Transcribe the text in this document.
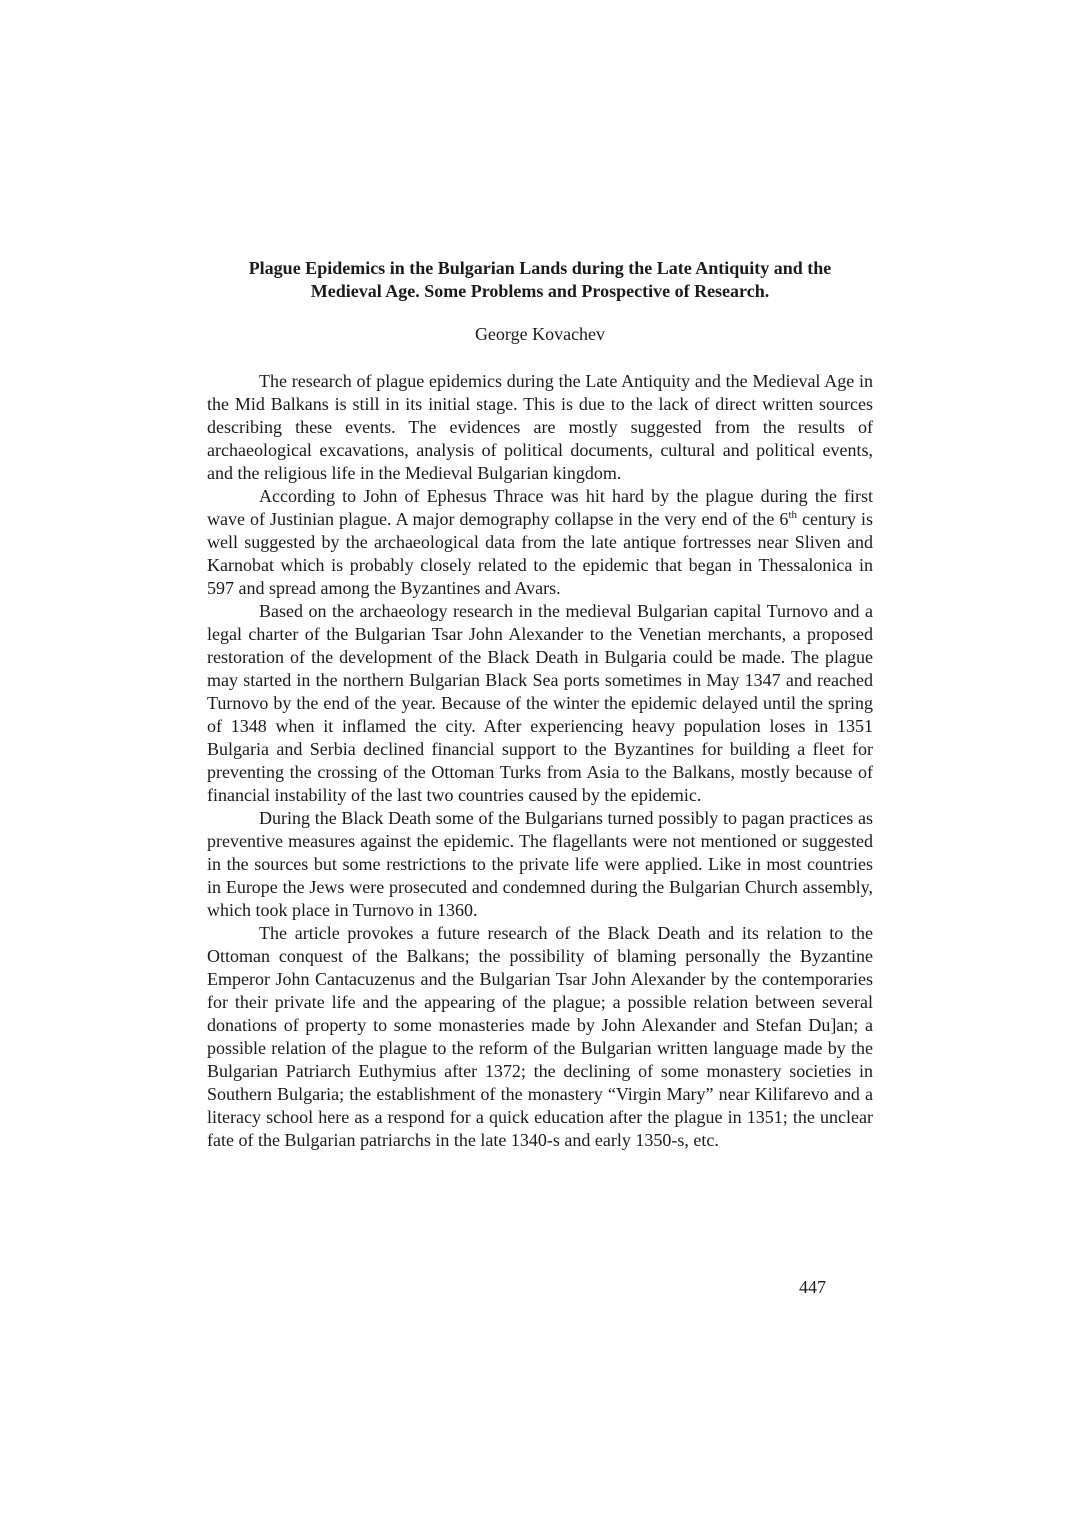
Plague Epidemics in the Bulgarian Lands during the Late Antiquity and the
Medieval Age. Some Problems and Prospective of Research.
George Kovachev

The research of plague epidemics during the Late Antiquity and the Medieval Age in the Mid Balkans is still in its initial stage. This is due to the lack of direct written sources describing these events. The evidences are mostly suggested from the results of archaeological excavations, analysis of political documents, cultural and political events, and the religious life in the Medieval Bulgarian kingdom.

According to John of Ephesus Thrace was hit hard by the plague during the first wave of Justinian plague. A major demography collapse in the very end of the 6th century is well suggested by the archaeological data from the late antique fortresses near Sliven and Karnobat which is probably closely related to the epidemic that began in Thessalonica in 597 and spread among the Byzantines and Avars.

Based on the archaeology research in the medieval Bulgarian capital Turnovo and a legal charter of the Bulgarian Tsar John Alexander to the Venetian merchants, a proposed restoration of the development of the Black Death in Bulgaria could be made. The plague may started in the northern Bulgarian Black Sea ports sometimes in May 1347 and reached Turnovo by the end of the year. Because of the winter the epidemic delayed until the spring of 1348 when it inflamed the city. After experiencing heavy population loses in 1351 Bulgaria and Serbia declined financial support to the Byzantines for building a fleet for preventing the crossing of the Ottoman Turks from Asia to the Balkans, mostly because of financial instability of the last two countries caused by the epidemic.

During the Black Death some of the Bulgarians turned possibly to pagan practices as preventive measures against the epidemic. The flagellants were not mentioned or suggested in the sources but some restrictions to the private life were applied. Like in most countries in Europe the Jews were prosecuted and condemned during the Bulgarian Church assembly, which took place in Turnovo in 1360.

The article provokes a future research of the Black Death and its relation to the Ottoman conquest of the Balkans; the possibility of blaming personally the Byzantine Emperor John Cantacuzenus and the Bulgarian Tsar John Alexander by the contemporaries for their private life and the appearing of the plague; a possible relation between several donations of property to some monasteries made by John Alexander and Stefan Du]an; a possible relation of the plague to the reform of the Bulgarian written language made by the Bulgarian Patriarch Euthymius after 1372; the declining of some monastery societies in Southern Bulgaria; the establishment of the monastery “Virgin Mary” near Kilifarevo and a literacy school here as a respond for a quick education after the plague in 1351; the unclear fate of the Bulgarian patriarchs in the late 1340-s and early 1350-s, etc.

447
